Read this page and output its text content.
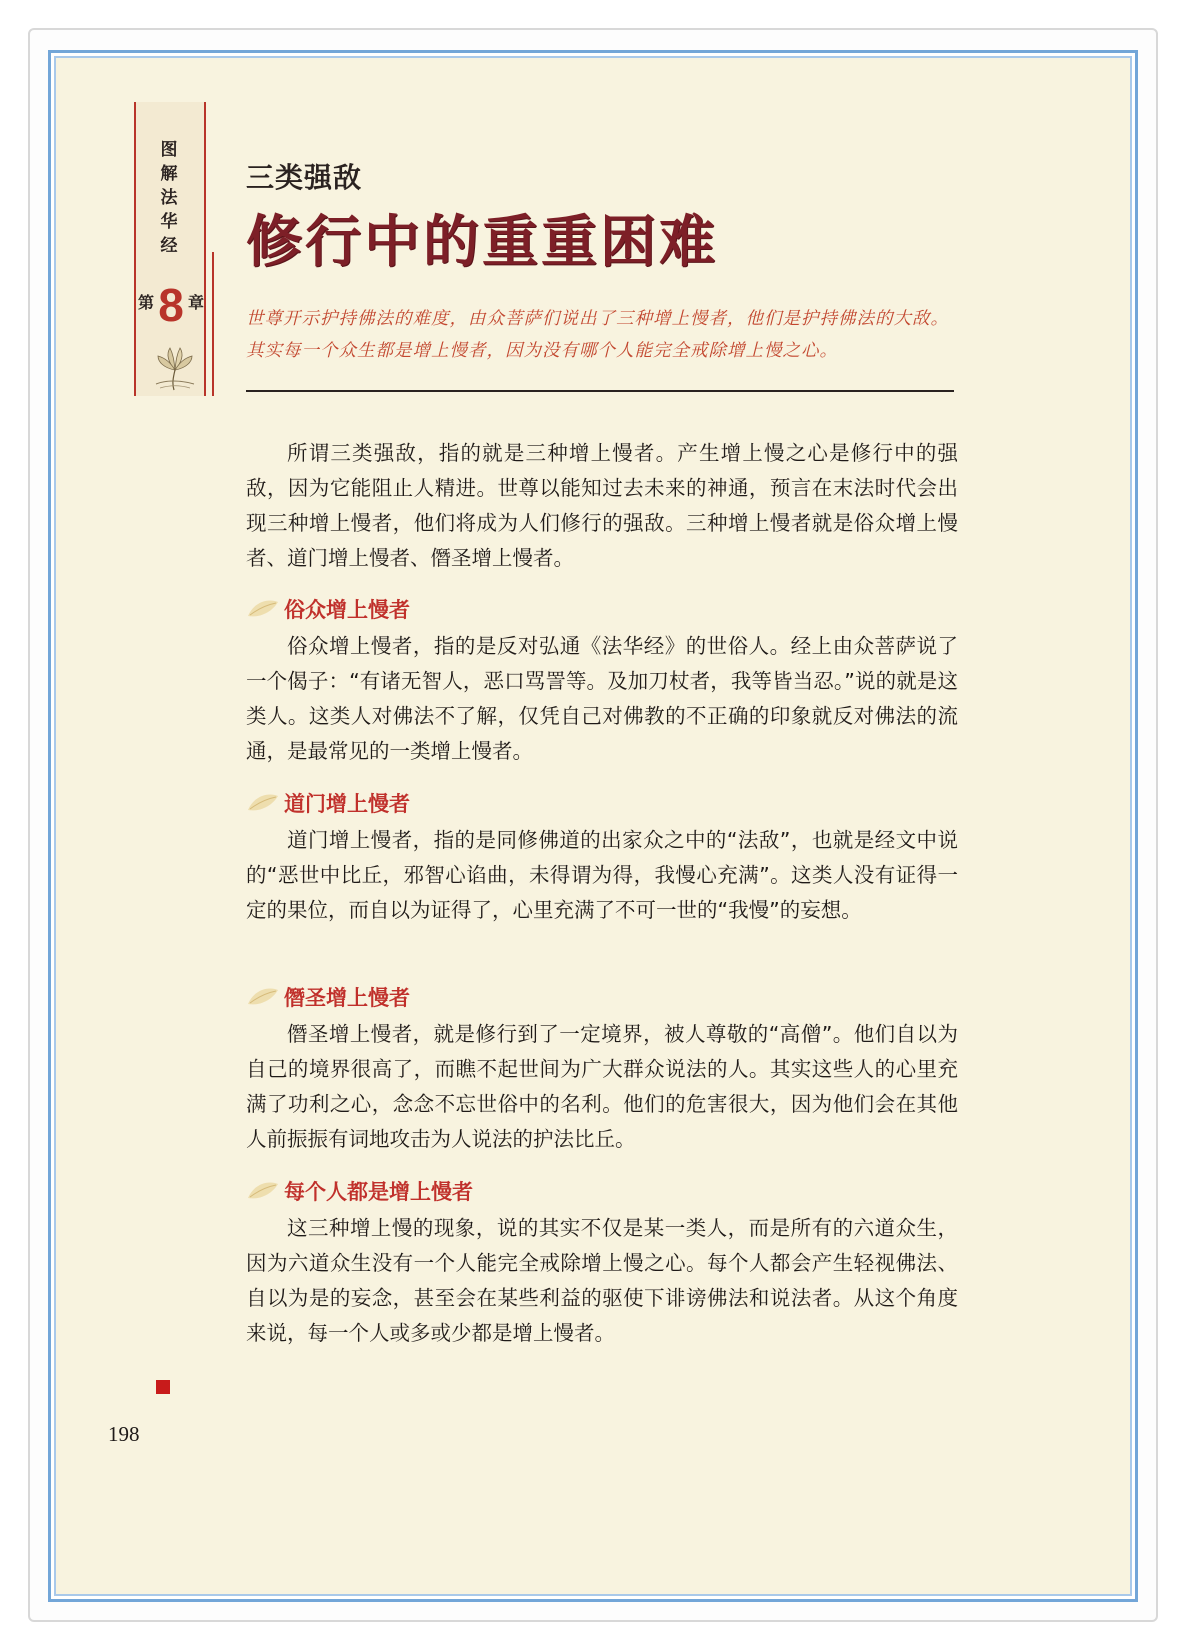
图解法华经
第 8 章
三类强敌
修行中的重重困难
世尊开示护持佛法的难度，由众菩萨们说出了三种增上慢者，他们是护持佛法的大敌。其实每一个众生都是增上慢者，因为没有哪个人能完全戒除增上慢之心。

所谓三类强敌，指的就是三种增上慢者。产生增上慢之心是修行中的强敌，因为它能阻止人精进。世尊以能知过去未来的神通，预言在末法时代会出现三种增上慢者，他们将成为人们修行的强敌。三种增上慢者就是俗众增上慢者、道门增上慢者、僭圣增上慢者。

俗众增上慢者

俗众增上慢者，指的是反对弘通《法华经》的世俗人。经上由众菩萨说了一个偈子：“有诸无智人，恶口骂詈等。及加刀杖者，我等皆当忍。”说的就是这类人。这类人对佛法不了解，仅凭自己对佛教的不正确的印象就反对佛法的流通，是最常见的一类增上慢者。

道门增上慢者

道门增上慢者，指的是同修佛道的出家众之中的“法敌”，也就是经文中说的“恶世中比丘，邪智心谄曲，未得谓为得，我慢心充满”。这类人没有证得一定的果位，而自以为证得了，心里充满了不可一世的“我慢”的妄想。

僭圣增上慢者

僭圣增上慢者，就是修行到了一定境界，被人尊敬的“高僧”。他们自以为自己的境界很高了，而瞧不起世间为广大群众说法的人。其实这些人的心里充满了功利之心，念念不忘世俗中的名利。他们的危害很大，因为他们会在其他人前振振有词地攻击为人说法的护法比丘。

每个人都是增上慢者

这三种增上慢的现象，说的其实不仅是某一类人，而是所有的六道众生，因为六道众生没有一个人能完全戒除增上慢之心。每个人都会产生轻视佛法、自以为是的妄念，甚至会在某些利益的驱使下诽谤佛法和说法者。从这个角度来说，每一个人或多或少都是增上慢者。

198
